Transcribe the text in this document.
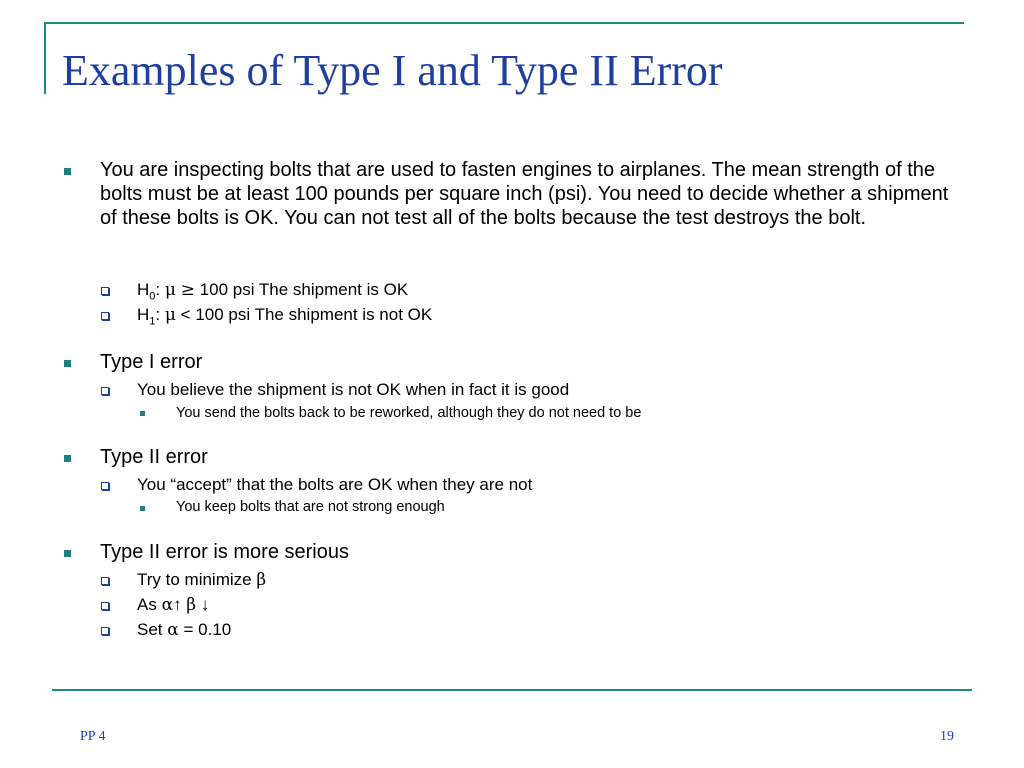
Examples of Type I and Type II Error
You are inspecting bolts that are used to fasten engines to airplanes. The mean strength of the bolts must be at least 100 pounds per square inch (psi). You need to decide whether a shipment of these bolts is OK. You can not test all of the bolts because the test destroys the bolt.
$H_0$: μ ≥ 100 psi The shipment is OK
$H_1$: μ < 100 psi The shipment is not OK
Type I error
You believe the shipment is not OK when in fact it is good
You send the bolts back to be reworked, although they do not need to be
Type II error
You “accept” that the bolts are OK when they are not
You keep bolts that are not strong enough
Type II error is more serious
Try to minimize β
As α↑ β ↓
Set α = 0.10
PP 4	19
